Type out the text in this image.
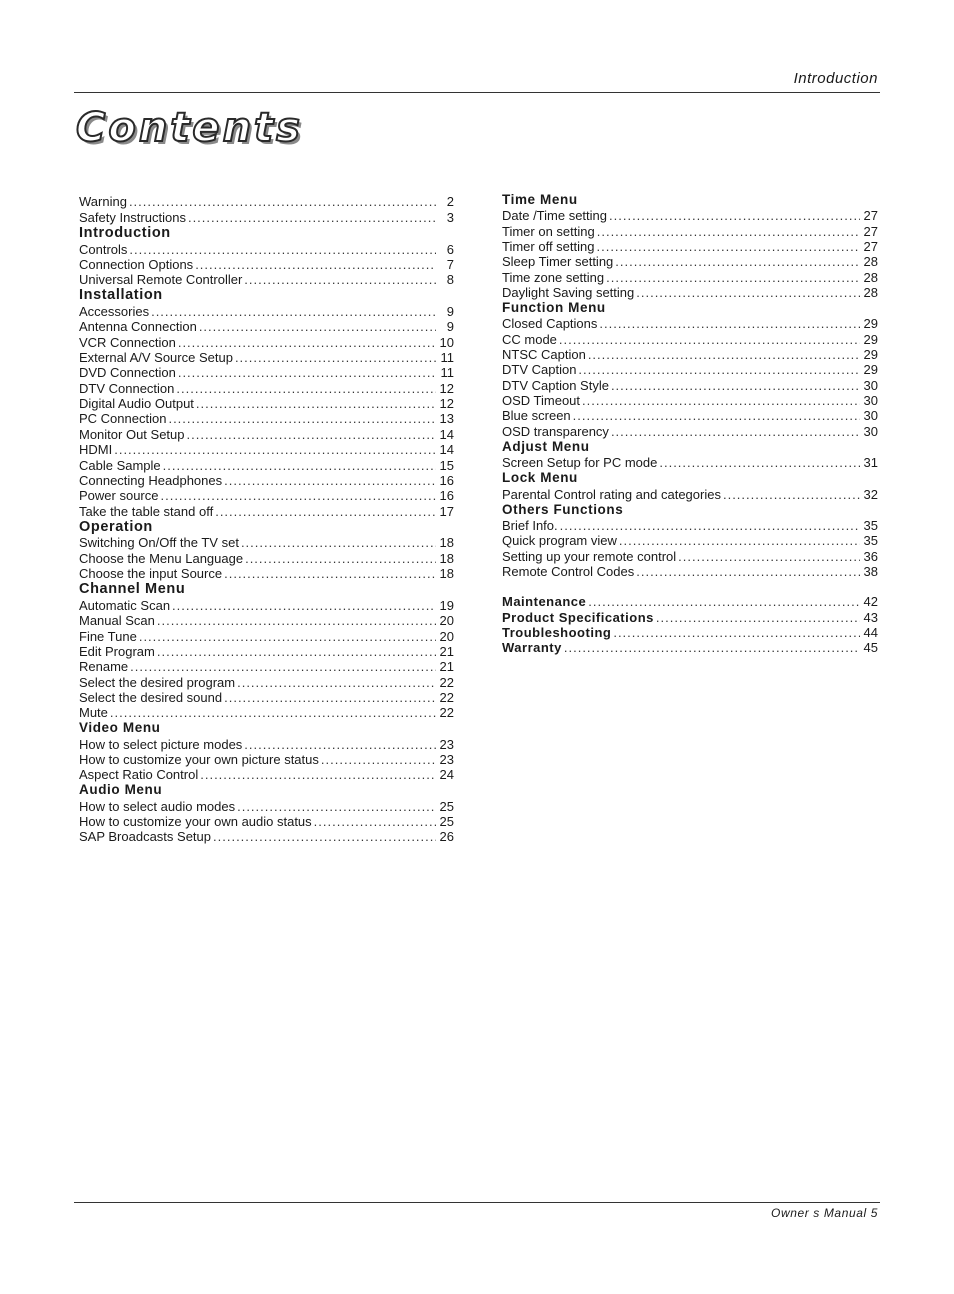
Introduction
Contents
Warning .....	2
Safety Instructions .....	3
Introduction
Controls .....	6
Connection Options .....	7
Universal Remote Controller .....	8
Installation
Accessories .....	9
Antenna Connection .....	9
VCR Connection .....	10
External A/V Source Setup .....	11
DVD Connection .....	11
DTV Connection .....	12
Digital Audio Output .....	12
PC Connection .....	13
Monitor Out Setup .....	14
HDMI .....	14
Cable Sample .....	15
Connecting Headphones .....	16
Power source .....	16
Take the table stand off .....	17
Operation
Switching On/Off the TV set .....	18
Choose the Menu Language .....	18
Choose the input Source .....	18
Channel Menu
Automatic Scan .....	19
Manual Scan .....	20
Fine Tune .....	20
Edit Program .....	21
Rename .....	21
Select the desired program .....	22
Select the desired sound .....	22
Mute .....	22
Video Menu
How to select picture modes .....	23
How to customize your own picture status .....	23
Aspect Ratio Control .....	24
Audio Menu
How to select audio modes .....	25
How to customize your own audio status .....	25
SAP Broadcasts Setup .....	26
Time Menu
Date /Time setting .....	27
Timer on setting .....	27
Timer off setting .....	27
Sleep Timer setting .....	28
Time zone setting .....	28
Daylight Saving setting .....	28
Function Menu
Closed Captions .....	29
CC mode .....	29
NTSC Caption .....	29
DTV Caption .....	29
DTV Caption Style .....	30
OSD Timeout .....	30
Blue screen .....	30
OSD transparency .....	30
Adjust Menu
Screen Setup for PC mode .....	31
Lock Menu
Parental Control rating and categories .....	32
Others Functions
Brief Info. .....	35
Quick program view .....	35
Setting up your remote control .....	36
Remote Control Codes .....	38
Maintenance .....	42
Product Specifications .....	43
Troubleshooting .....	44
Warranty .....	45
Owner s Manual 5
